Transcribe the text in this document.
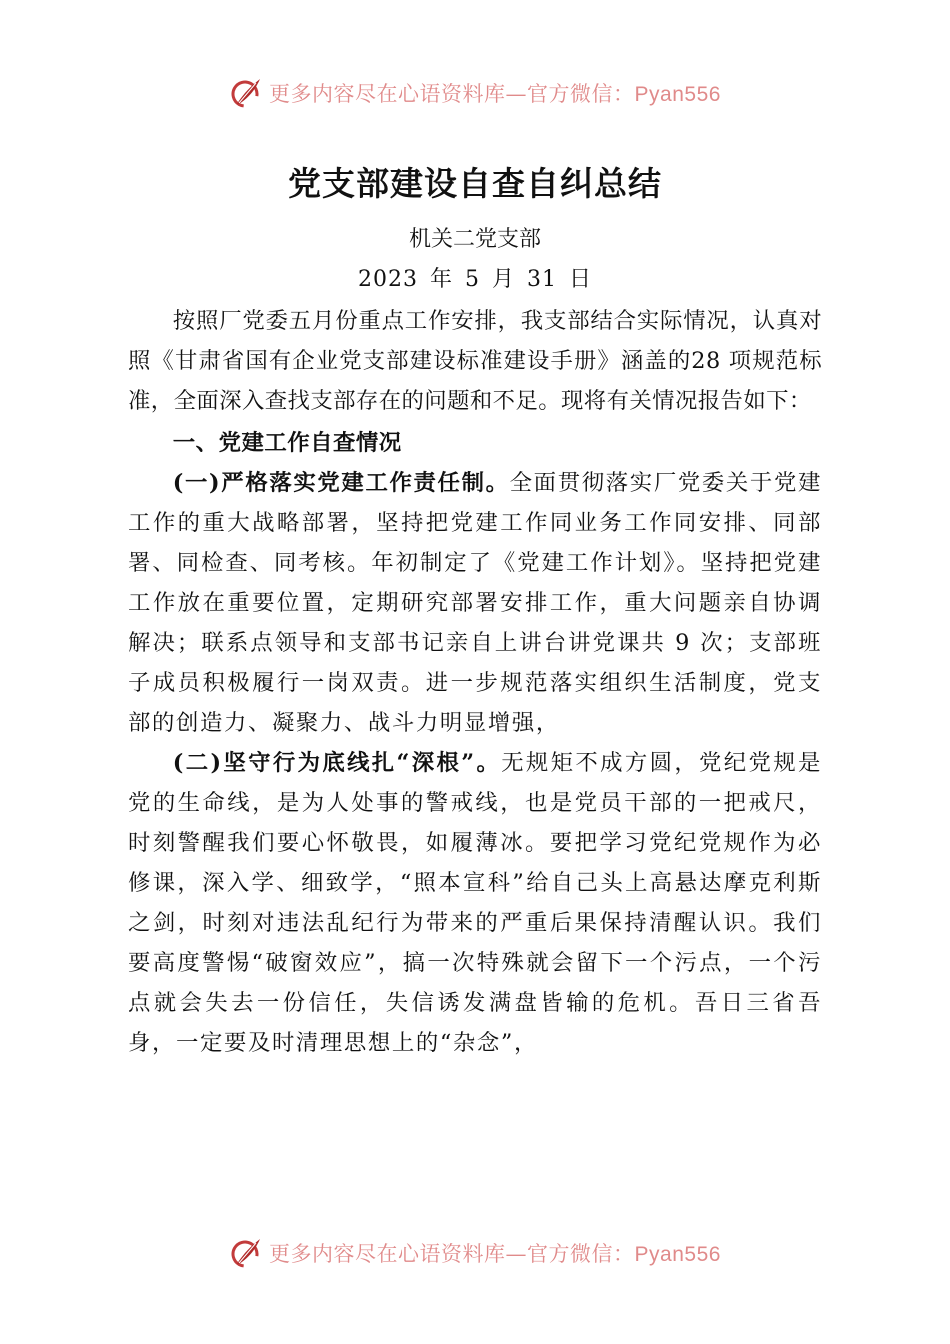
更多内容尽在心语资料库—官方微信：Pyan556
党支部建设自查自纠总结
机关二党支部
2023 年 5 月 31 日

按照厂党委五月份重点工作安排，我支部结合实际情况，认真对照《甘肃省国有企业党支部建设标准建设手册》涵盖的28 项规范标准，全面深入查找支部存在的问题和不足。现将有关情况报告如下：

一、党建工作自查情况

(一)严格落实党建工作责任制。全面贯彻落实厂党委关于党建工作的重大战略部署，坚持把党建工作同业务工作同安排、同部署、同检查、同考核。年初制定了《党建工作计划》。坚持把党建工作放在重要位置，定期研究部署安排工作，重大问题亲自协调解决；联系点领导和支部书记亲自上讲台讲党课共 9 次；支部班子成员积极履行一岗双责。进一步规范落实组织生活制度，党支部的创造力、凝聚力、战斗力明显增强，

(二)坚守行为底线扎“深根”。无规矩不成方圆，党纪党规是党的生命线，是为人处事的警戒线，也是党员干部的一把戒尺，时刻警醒我们要心怀敬畏，如履薄冰。要把学习党纪党规作为必修课，深入学、细致学，“照本宣科”给自己头上高悬达摩克利斯之剑，时刻对违法乱纪行为带来的严重后果保持清醒认识。我们要高度警惕“破窗效应”，搞一次特殊就会留下一个污点，一个污点就会失去一份信任，失信诱发满盘皆输的危机。吾日三省吾身，一定要及时清理思想上的“杂念”，

更多内容尽在心语资料库—官方微信：Pyan556
